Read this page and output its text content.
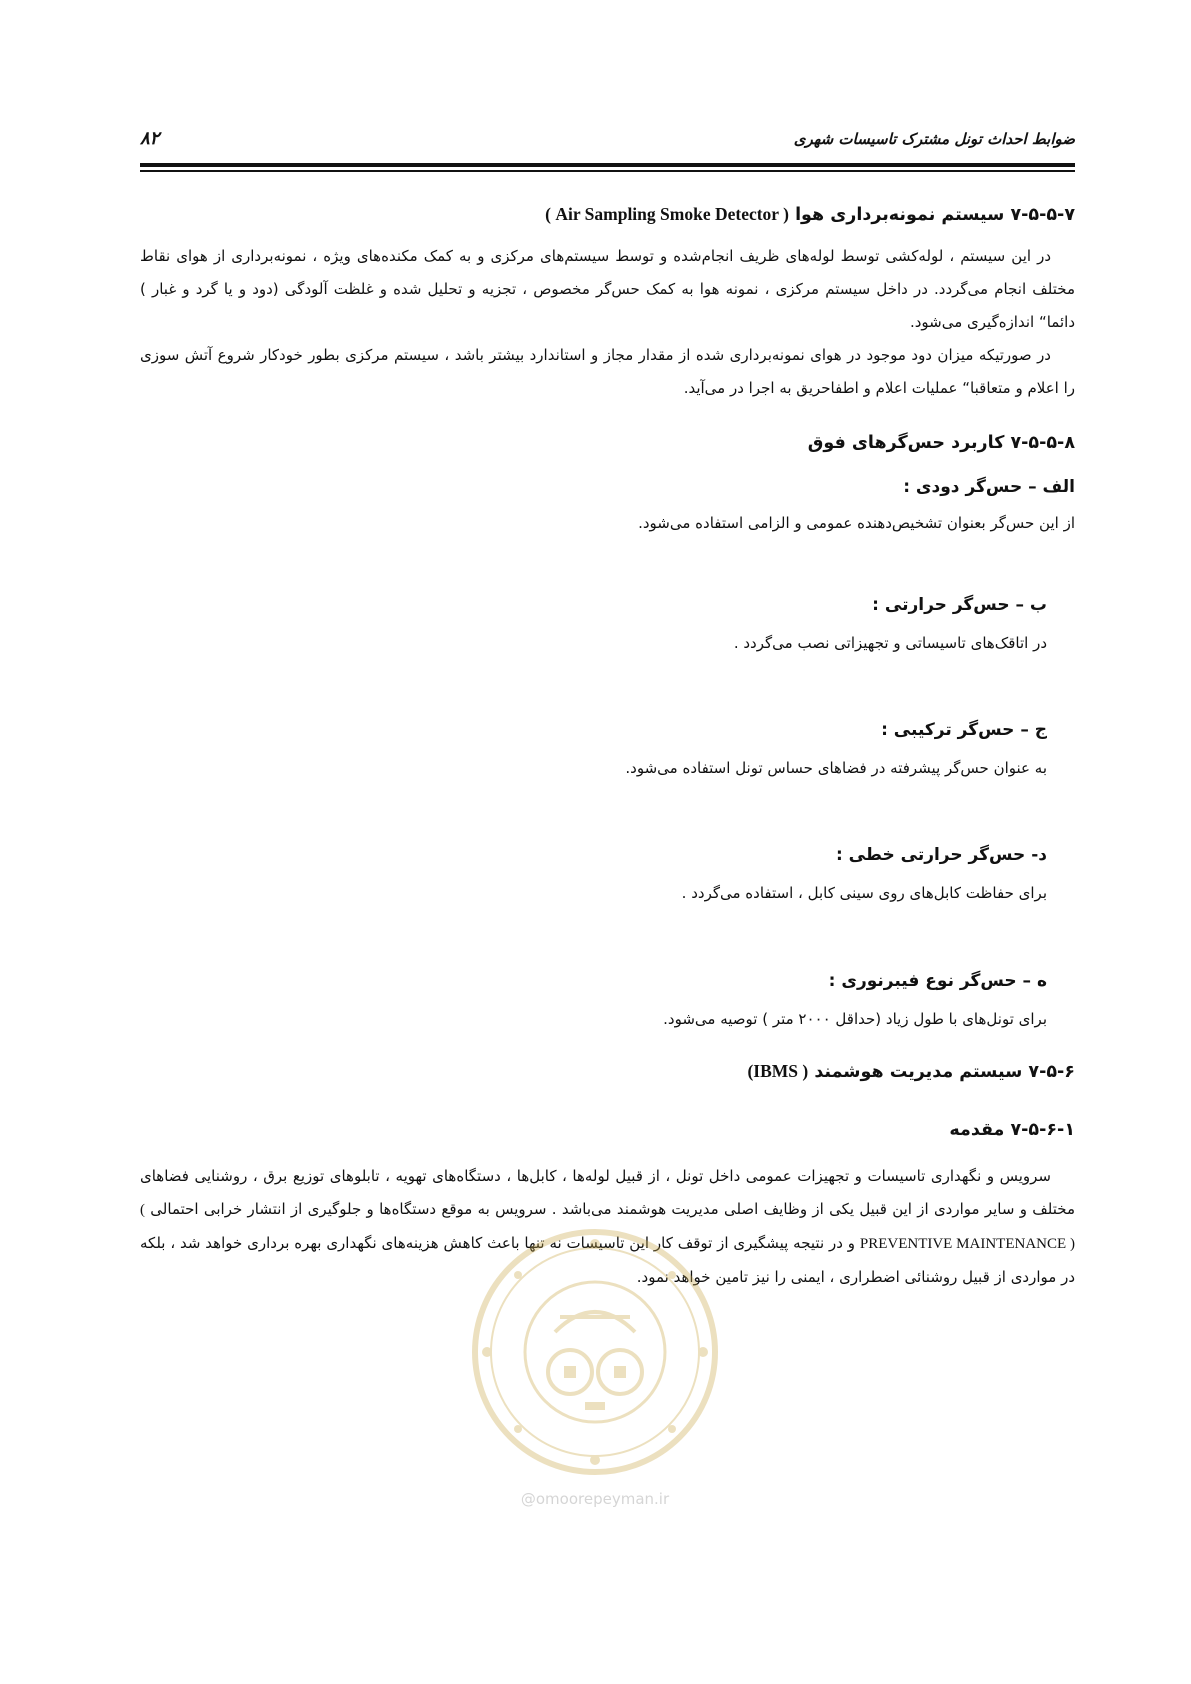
۸۲	ضوابط احداث تونل مشترک تاسیسات شهری

۷-۵-۵-۷ سیستم نمونه‌برداری هوا ( Air Sampling Smoke Detector )

در این سیستم ، لوله‌کشی توسط لوله‌های ظریف انجام‌شده و توسط سیستم‌های مرکزی و به کمک مکنده‌های ویژه ، نمونه‌برداری از هوای نقاط مختلف انجام می‌گردد. در داخل سیستم مرکزی ، نمونه هوا به کمک حس‌گر مخصوص ، تجزیه و تحلیل شده و غلظت آلودگی (دود و یا گرد و غبار ) دائما“ اندازه‌گیری می‌شود.

در صورتیکه میزان دود موجود در هوای نمونه‌برداری شده از مقدار مجاز و استاندارد بیشتر باشد ، سیستم مرکزی بطور خودکار شروع آتش سوزی را اعلام و متعاقبا“ عملیات اعلام و اطفاحریق به اجرا در می‌آید.

۷-۵-۵-۸ کاربرد حس‌گرهای فوق

الف – حس‌گر دودی :

از این حس‌گر بعنوان تشخیص‌دهنده عمومی و الزامی استفاده می‌شود.

ب – حس‌گر حرارتی :

در اتاقک‌های تاسیساتی و تجهیزاتی نصب می‌گردد .

ج – حس‌گر ترکیبی :

به عنوان حس‌گر پیشرفته در فضاهای حساس تونل استفاده می‌شود.

د- حس‌گر حرارتی خطی :

برای حفاظت کابل‌های روی سینی کابل ، استفاده می‌گردد .

ه – حس‌گر نوع فیبرنوری :

برای تونل‌های با طول زیاد (حداقل ۲۰۰۰ متر ) توصیه می‌شود.

۷-۵-۶ سیستم مدیریت هوشمند (IBMS )

۷-۵-۶-۱ مقدمه

سرویس و نگهداری تاسیسات و تجهیزات عمومی داخل تونل ، از قبیل لوله‌ها ، کابل‌ها ، دستگاه‌های تهویه ، تابلوهای توزیع برق ، روشنایی فضاهای مختلف و سایر مواردی از این قبیل یکی از وظایف اصلی مدیریت هوشمند می‌باشد . سرویس به موقع دستگاه‌ها و جلوگیری از انتشار خرابی احتمالی ( PREVENTIVE MAINTENANCE ) و در نتیجه پیشگیری از توقف کار این تاسیسات نه تنها باعث کاهش هزینه‌های نگهداری بهره برداری خواهد شد ، بلکه در مواردی از قبیل روشنائی اضطراری ، ایمنی را نیز تامین خواهد نمود.

@omoorepeyman.ir
